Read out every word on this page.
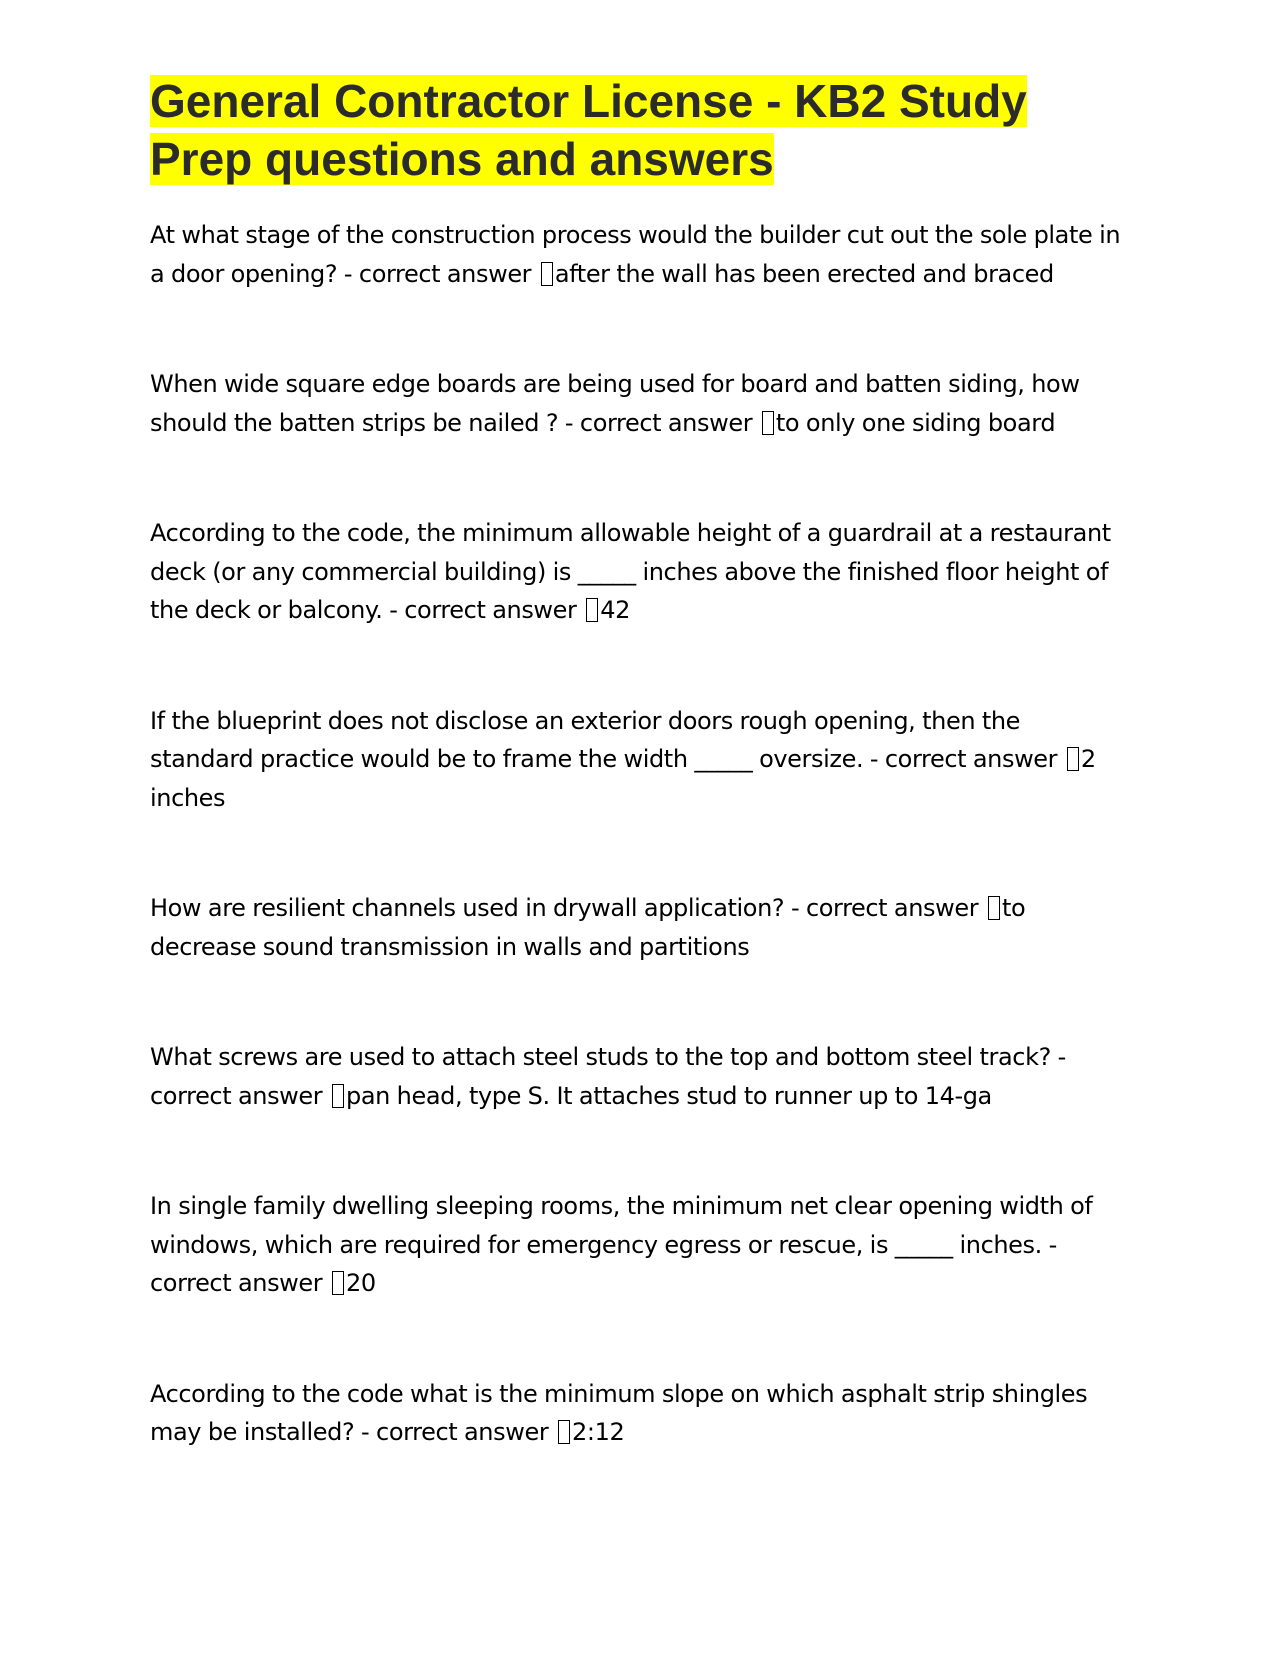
General Contractor License - KB2 Study Prep questions and answers

At what stage of the construction process would the builder cut out the sole plate in a door opening? - correct answer after the wall has been erected and braced

When wide square edge boards are being used for board and batten siding, how should the batten strips be nailed ? - correct answer to only one siding board

According to the code, the minimum allowable height of a guardrail at a restaurant deck (or any commercial building) is _____ inches above the finished floor height of the deck or balcony. - correct answer 42

If the blueprint does not disclose an exterior doors rough opening, then the standard practice would be to frame the width _____ oversize. - correct answer 2 inches

How are resilient channels used in drywall application? - correct answer to decrease sound transmission in walls and partitions

What screws are used to attach steel studs to the top and bottom steel track? - correct answer pan head, type S. It attaches stud to runner up to 14-ga

In single family dwelling sleeping rooms, the minimum net clear opening width of windows, which are required for emergency egress or rescue, is _____ inches. - correct answer 20

According to the code what is the minimum slope on which asphalt strip shingles may be installed? - correct answer 2:12
